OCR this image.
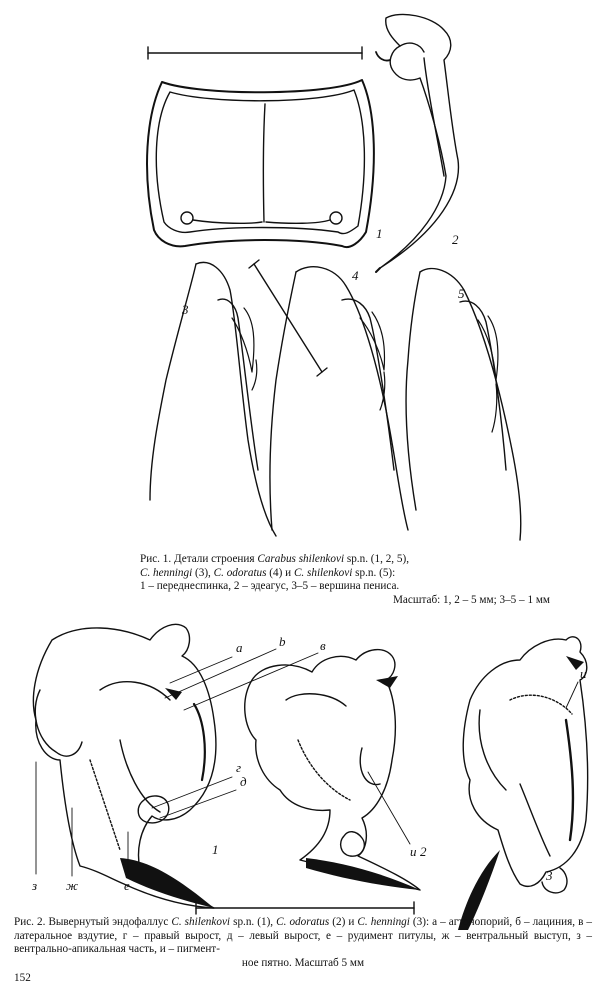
1	2
3
4
5
а	b	в
г
д
и
и
з ж	е
1	2
3
Рис. 1. Детали строения Carabus shilenkovi sp.n. (1, 2, 5),
C. henningi (3), C. odoratus (4) и C. shilenkovi sp.n. (5):
1 – переднеспинка, 2 – эдеагус, 3–5 – вершина пениса.
Масштаб: 1, 2 – 5 мм; 3–5 – 1 мм
Рис. 2. Вывернутый эндофаллус C. shilenkovi sp.n. (1), C. odoratus (2) и C. henningi (3): а – агтонопорий, б – лациния, в – латеральное вздутие, г – правый вырост, д – левый вырост, е – рудимент питулы, ж – вентральный выступ, з – вентрально-апикальная часть, и – пигмент-
ное пятно. Масштаб 5 мм
152
